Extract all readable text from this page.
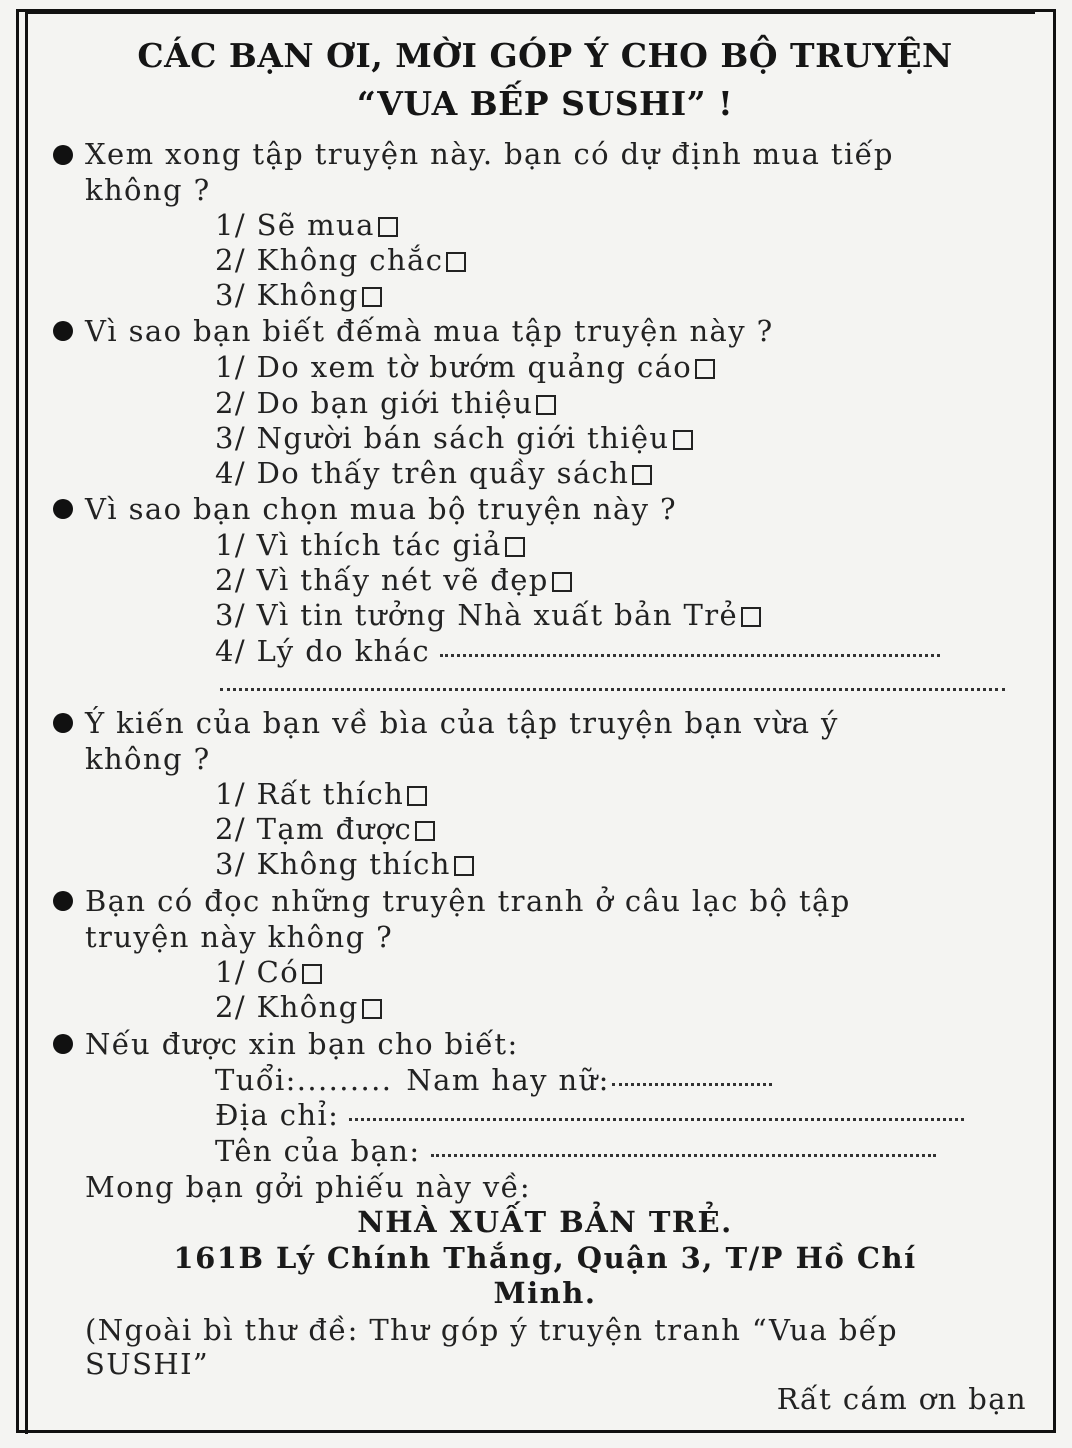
CÁC BẠN ƠI, MỜI GÓP Ý CHO BỘ TRUYỆN
“VUA BẾP SUSHI” !
Xem xong tập truyện này. bạn có dự định mua tiếp
không ?
1/ Sẽ mua
2/ Không chắc
3/ Không
Vì sao bạn biết đếmà mua tập truyện này ?
1/ Do xem tờ bướm quảng cáo
2/ Do bạn giới thiệu
3/ Người bán sách giới thiệu
4/ Do thấy trên quầy sách
Vì sao bạn chọn mua bộ truyện này ?
1/ Vì thích tác giả
2/ Vì thấy nét vẽ đẹp
3/ Vì tin tưởng Nhà xuất bản Trẻ
4/ Lý do khác
Ý kiến của bạn về bìa của tập truyện bạn vừa ý
không ?
1/ Rất thích
2/ Tạm được
3/ Không thích
Bạn có đọc những truyện tranh ở câu lạc bộ tập
truyện này không ?
1/ Có
2/ Không
Nếu được xin bạn cho biết:
Tuổi:......... Nam hay nữ:
Địa chỉ:
Tên của bạn:
Mong bạn gởi phiếu này về:
NHÀ XUẤT BẢN TRẺ.
161B Lý Chính Thắng, Quận 3, T/P Hồ Chí
Minh.
(Ngoài bì thư đề: Thư góp ý truyện tranh “Vua bếp
SUSHI”
Rất cám ơn bạn
